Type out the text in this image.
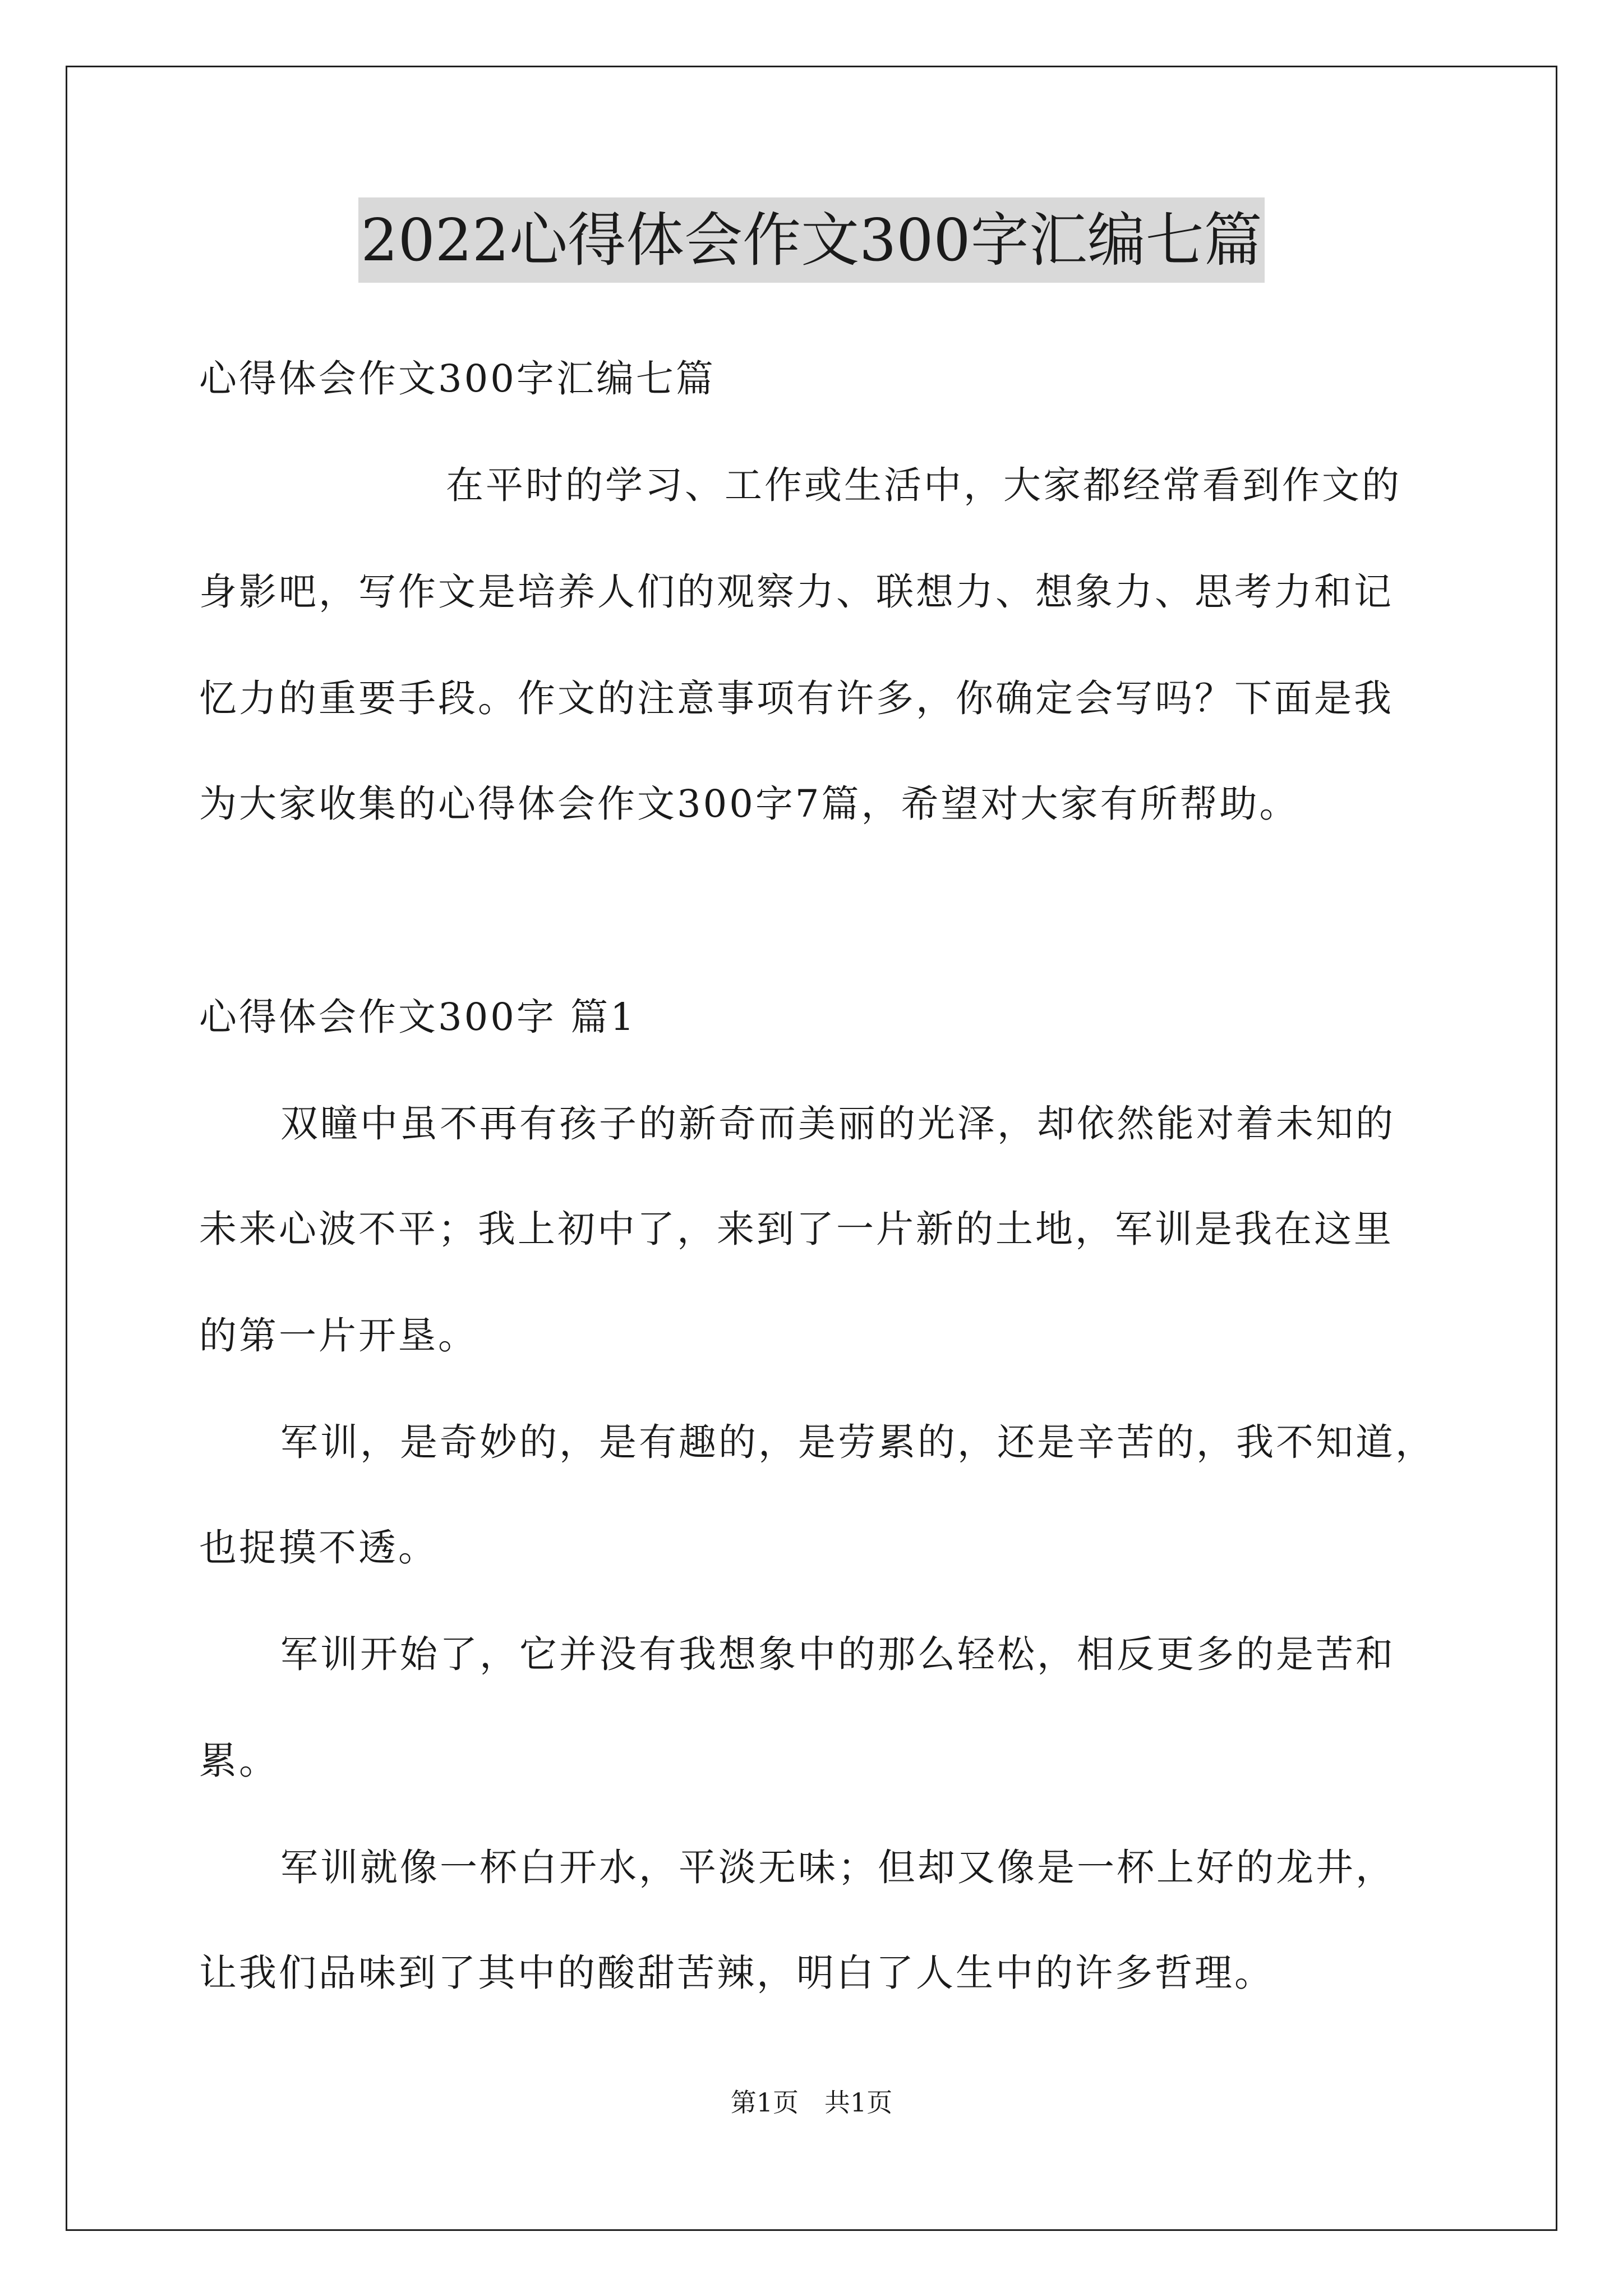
2022心得体会作文300字汇编七篇
心得体会作文300字汇编七篇
在平时的学习、工作或生活中，大家都经常看到作文的
身影吧，写作文是培养人们的观察力、联想力、想象力、思考力和记
忆力的重要手段。作文的注意事项有许多，你确定会写吗？下面是我
为大家收集的心得体会作文300字7篇，希望对大家有所帮助。
心得体会作文300字 篇1
双瞳中虽不再有孩子的新奇而美丽的光泽，却依然能对着未知的
未来心波不平；我上初中了，来到了一片新的土地，军训是我在这里
的第一片开垦。
军训，是奇妙的，是有趣的，是劳累的，还是辛苦的，我不知道，
也捉摸不透。
军训开始了，它并没有我想象中的那么轻松，相反更多的是苦和
累。
军训就像一杯白开水，平淡无味；但却又像是一杯上好的龙井，
让我们品味到了其中的酸甜苦辣，明白了人生中的许多哲理。
第1页　共1页
